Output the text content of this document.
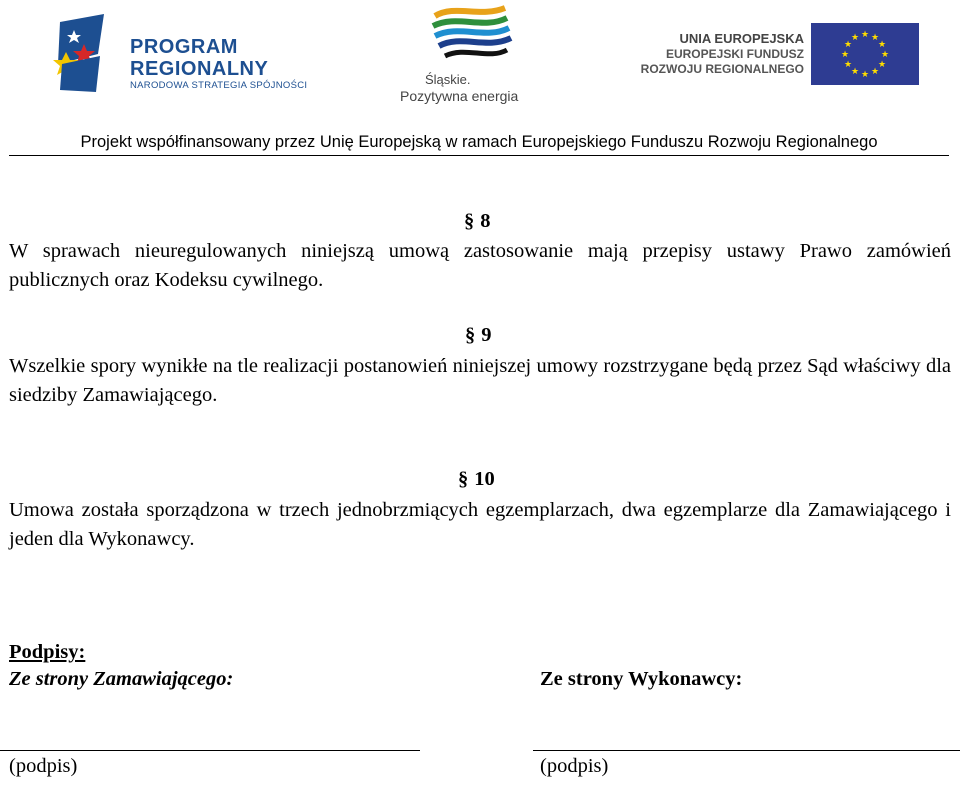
PROGRAM
REGIONALNY
NARODOWA STRATEGIA SPÓJNOŚCI	Śląskie.
Pozytywna energia
UNIA EUROPEJSKA
EUROPEJSKI FUNDUSZ
ROZWOJU REGIONALNEGO
★ ★
★
★
★
★
★
★
★
★
★
★
Projekt współfinansowany przez Unię Europejską w ramach Europejskiego Funduszu Rozwoju Regionalnego
§ 8
W sprawach nieuregulowanych niniejszą umową zastosowanie mają przepisy ustawy Prawo zamówień publicznych oraz Kodeksu cywilnego.
§ 9
Wszelkie spory wynikłe na tle realizacji postanowień niniejszej umowy rozstrzygane będą przez Sąd właściwy dla siedziby Zamawiającego.
§ 10
Umowa została sporządzona w trzech jednobrzmiących egzemplarzach, dwa egzemplarze dla Zamawiającego i jeden dla Wykonawcy.
Podpisy:
Ze strony Zamawiającego:	Ze strony Wykonawcy:
(podpis)	(podpis)
